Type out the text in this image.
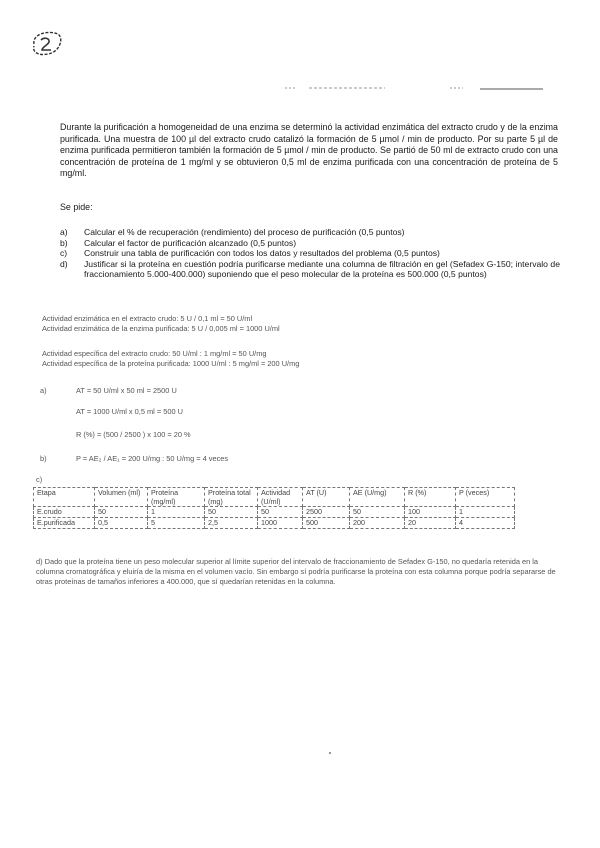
Durante la purificación a homogeneidad de una enzima se determinó la actividad enzimática del extracto crudo y de la enzima purificada. Una muestra de 100 µl del extracto crudo catalizó la formación de 5 µmol / min de producto. Por su parte 5 µl de enzima purificada permitieron también la formación de 5 µmol / min de producto. Se partió de 50 ml de extracto crudo con una concentración de proteína de 1 mg/ml y se obtuvieron 0,5 ml de enzima purificada con una concentración de proteína de 5 mg/ml.
Se pide:
a)	Calcular el % de recuperación (rendimiento) del proceso de purificación (0,5 puntos)
b)	Calcular el factor de purificación alcanzado (0,5 puntos)
c)	Construir una tabla de purificación con todos los datos y resultados del problema (0,5 puntos)
d)	Justificar si la proteína en cuestión podría purificarse mediante una columna de filtración en gel (Sefadex G-150; intervalo de fraccionamiento 5.000-400.000) suponiendo que el peso molecular de la proteína es 500.000 (0,5 puntos)
Actividad enzimática en el extracto crudo: 5 U / 0,1 ml = 50 U/ml
Actividad enzimática de la enzima purificada: 5 U / 0,005 ml = 1000 U/ml
Actividad específica del extracto crudo: 50 U/ml : 1 mg/ml = 50 U/mg
Actividad específica de la proteína purificada: 1000 U/ml : 5 mg/ml = 200 U/mg
a)	AT = 50 U/ml x 50 ml = 2500 U
AT = 1000 U/ml x 0,5 ml = 500 U
R (%) = (500 / 2500 ) x 100 = 20 %
b)	P = AE₂ / AE₁ = 200 U/mg : 50 U/mg = 4 veces
c)
Etapa	Volumen (ml)	Proteína (mg/ml)	Proteína total (mg)	Actividad (U/ml)	AT (U)	AE (U/mg)	R (%)	P (veces)
E.crudo	50	1	50	50	2500	50	100	1
E.purificada	0,5	5	2,5	1000	500	200	20	4
d) Dado que la proteína tiene un peso molecular superior al límite superior del intervalo de fraccionamiento de Sefadex G-150, no quedaría retenida en la columna cromatográfica y eluiría de la misma en el volumen vacío. Sin embargo sí podría purificarse la proteína con esta columna porque podría separarse de otras proteínas de tamaños inferiores a 400.000, que sí quedarían retenidas en la columna.
